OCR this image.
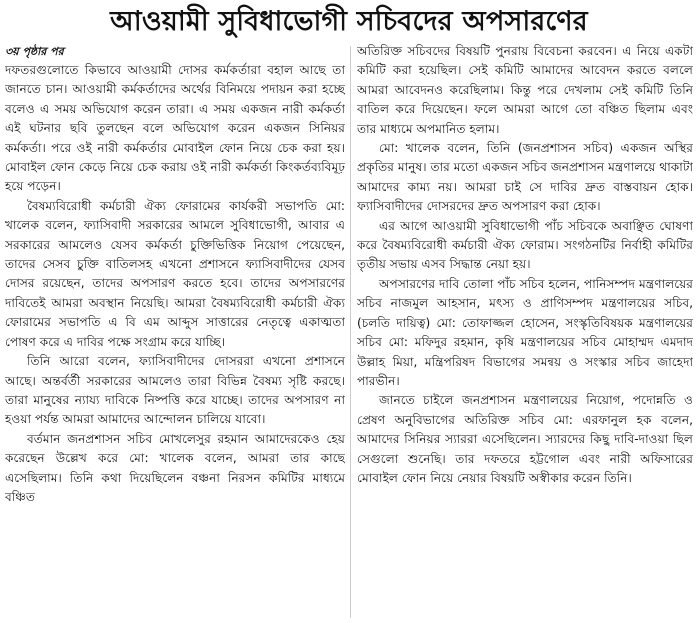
আওয়ামী সুবিধাভোগী সচিবদের অপসারণের
৩য় পৃষ্ঠার পর

দফতরগুলোতে কিভাবে আওয়ামী দোসর কর্মকর্তারা বহাল আছে তা জানতে চান। আওয়ামী কর্মকর্তাদের অর্থের বিনিময়ে পদায়ন করা হচ্ছে বলেও এ সময় অভিযোগ করেন তারা। এ সময় একজন নারী কর্মকর্তা এই ঘটনার ছবি তুলছেন বলে অভিযোগ করেন একজন সিনিয়র কর্মকর্তা। পরে ওই নারী কর্মকর্তার মোবাইল ফোন নিয়ে চেক করা হয়। মোবাইল ফোন কেড়ে নিয়ে চেক করায় ওই নারী কর্মকর্তা কিংকর্তব্যবিমূঢ় হয়ে পড়েন।

বৈষম্যবিরোধী কর্মচারী ঐক্য ফোরামের কার্যকরী সভাপতি মো: খালেক বলেন, ফ্যাসিবাদী সরকারের আমলে সুবিধাভোগী, আবার এ সরকারের আমলেও যেসব কর্মকর্তা চুক্তিভিত্তিক নিয়োগ পেয়েছেন, তাদের সেসব চুক্তি বাতিলসহ এখনো প্রশাসনে ফ্যাসিবাদীদের যেসব দোসর রয়েছেন, তাদের অপসারণ করতে হবে। তাদের অপসারণের দাবিতেই আমরা অবস্থান নিয়েছি। আমরা বৈষম্যবিরোধী কর্মচারী ঐক্য ফোরামের সভাপতি এ বি এম আব্দুস সাত্তারের নেতৃত্বে একাত্মতা পোষণ করে এ দাবির পক্ষে সংগ্রাম করে যাচ্ছি।

তিনি আরো বলেন, ফ্যাসিবাদীদের দোসররা এখনো প্রশাসনে আছে। অন্তর্বর্তী সরকারের আমলেও তারা বিভিন্ন বৈষম্য সৃষ্টি করছে। তারা মানুষের ন্যায্য দাবিকে নিষ্পত্তি করে যাচ্ছে। তাদের অপসারণ না হওয়া পর্যন্ত আমরা আমাদের আন্দোলন চালিয়ে যাবো।

বর্তমান জনপ্রশাসন সচিব মোখলেসুর রহমান আমাদেরকেও হেয় করেছেন উল্লেখ করে মো: খালেক বলেন, আমরা তার কাছে এসেছিলাম। তিনি কথা দিয়েছিলেন বঞ্চনা নিরসন কমিটির মাধ্যমে বঞ্চিত

অতিরিক্ত সচিবদের বিষয়টি পুনরায় বিবেচনা করবেন। এ নিয়ে একটা কমিটি করা হয়েছিল। সেই কমিটি আমাদের আবেদন করতে বললে আমরা আবেদনও করেছিলাম। কিন্তু পরে দেখলাম সেই কমিটি তিনি বাতিল করে দিয়েছেন। ফলে আমরা আগে তো বঞ্চিত ছিলাম এবং তার মাধ্যমে অপমানিত হলাম।

মো: খালেক বলেন, তিনি (জনপ্রশাসন সচিব) একজন অস্থির প্রকৃতির মানুষ। তার মতো একজন সচিব জনপ্রশাসন মন্ত্রণালয়ে থাকাটা আমাদের কাম্য নয়। আমরা চাই সে দাবির দ্রুত বাস্তবায়ন হোক। ফ্যাসিবাদীদের দোসরদের দ্রুত অপসারণ করা হোক।

এর আগে আওয়ামী সুবিধাভোগী পাঁচ সচিবকে অবাঞ্ছিত ঘোষণা করে বৈষম্যবিরোধী কর্মচারী ঐক্য ফোরাম। সংগঠনটির নির্বাহী কমিটির তৃতীয় সভায় এসব সিদ্ধান্ত নেয়া হয়।

অপসারণের দাবি তোলা পাঁচ সচিব হলেন, পানিসম্পদ মন্ত্রণালয়ের সচিব নাজমুল আহসান, মৎস্য ও প্রাণিসম্পদ মন্ত্রণালয়ের সচিব, (চলতি দায়িত্ব) মো: তোফাজ্জল হোসেন, সংস্কৃতিবিষয়ক মন্ত্রণালয়ের সচিব মো: মফিদুর রহমান, কৃষি মন্ত্রণালয়ের সচিব মোহাম্মদ এমদাদ উল্লাহ মিয়া, মন্ত্রিপরিষদ বিভাগের সমন্বয় ও সংস্কার সচিব জাহেদা পারভীন।

জানতে চাইলে জনপ্রশাসন মন্ত্রণালয়ের নিয়োগ, পদোন্নতি ও প্রেষণ অনুবিভাগের অতিরিক্ত সচিব মো: এরফানুল হক বলেন, আমাদের সিনিয়র স্যাররা এসেছিলেন। স্যারদের কিছু দাবি-দাওয়া ছিল সেগুলো শুনেছি। তার দফতরে হট্টগোল এবং নারী অফিসারের মোবাইল ফোন নিয়ে নেয়ার বিষয়টি অস্বীকার করেন তিনি।
